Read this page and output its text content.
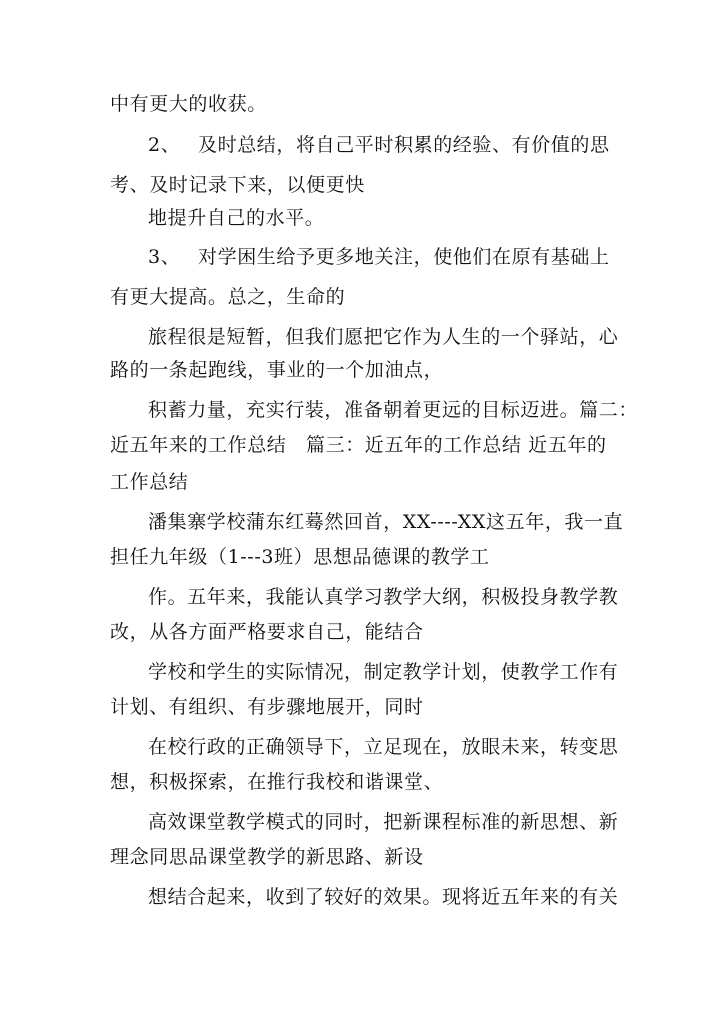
中有更大的收获。
2、 及时总结，将自己平时积累的经验、有价值的思
考、及时记录下来，以便更快
地提升自己的水平。
3、 对学困生给予更多地关注，使他们在原有基础上
有更大提高。总之，生命的
旅程很是短暂，但我们愿把它作为人生的一个驿站，心
路的一条起跑线，事业的一个加油点，
积蓄力量，充实行装，准备朝着更远的目标迈进。篇二：
近五年来的工作总结　篇三：近五年的工作总结 近五年的
工作总结
潘集寨学校蒲东红蓦然回首，XX----XX这五年，我一直
担任九年级（1---3班）思想品德课的教学工
作。五年来，我能认真学习教学大纲，积极投身教学教
改，从各方面严格要求自己，能结合
学校和学生的实际情况，制定教学计划，使教学工作有
计划、有组织、有步骤地展开，同时
在校行政的正确领导下，立足现在，放眼未来，转变思
想，积极探索，在推行我校和谐课堂、
高效课堂教学模式的同时，把新课程标准的新思想、新
理念同思品课堂教学的新思路、新设
想结合起来，收到了较好的效果。现将近五年来的有关
